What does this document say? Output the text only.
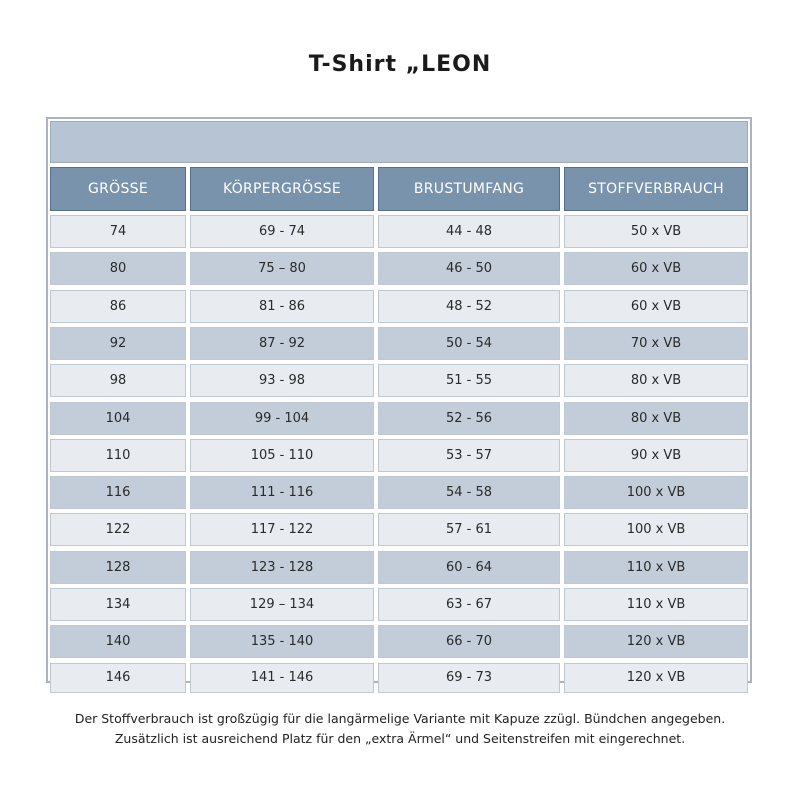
T-Shirt „LEON
GRÖSSE	KÖRPERGRÖSSE	BRUSTUMFANG	STOFFVERBRAUCH
74	69 - 74	44 - 48	50 x VB
80	75 – 80	46 - 50	60 x VB
86	81 - 86	48 - 52	60 x VB
92	87 - 92	50 - 54	70 x VB
98	93 - 98	51 - 55	80 x VB
104	99 - 104	52 - 56	80 x VB
110	105 - 110	53 - 57	90 x VB
116	111 - 116	54 - 58	100 x VB
122	117 - 122	57 - 61	100 x VB
128	123 - 128	60 - 64	110 x VB
134	129 – 134	63 - 67	110 x VB
140	135 - 140	66 - 70	120 x VB
146	141 - 146	69 - 73	120 x VB
Der Stoffverbrauch ist großzügig für die langärmelige Variante mit Kapuze zzügl. Bündchen angegeben.
Zusätzlich ist ausreichend Platz für den „extra Ärmel“ und Seitenstreifen mit eingerechnet.
